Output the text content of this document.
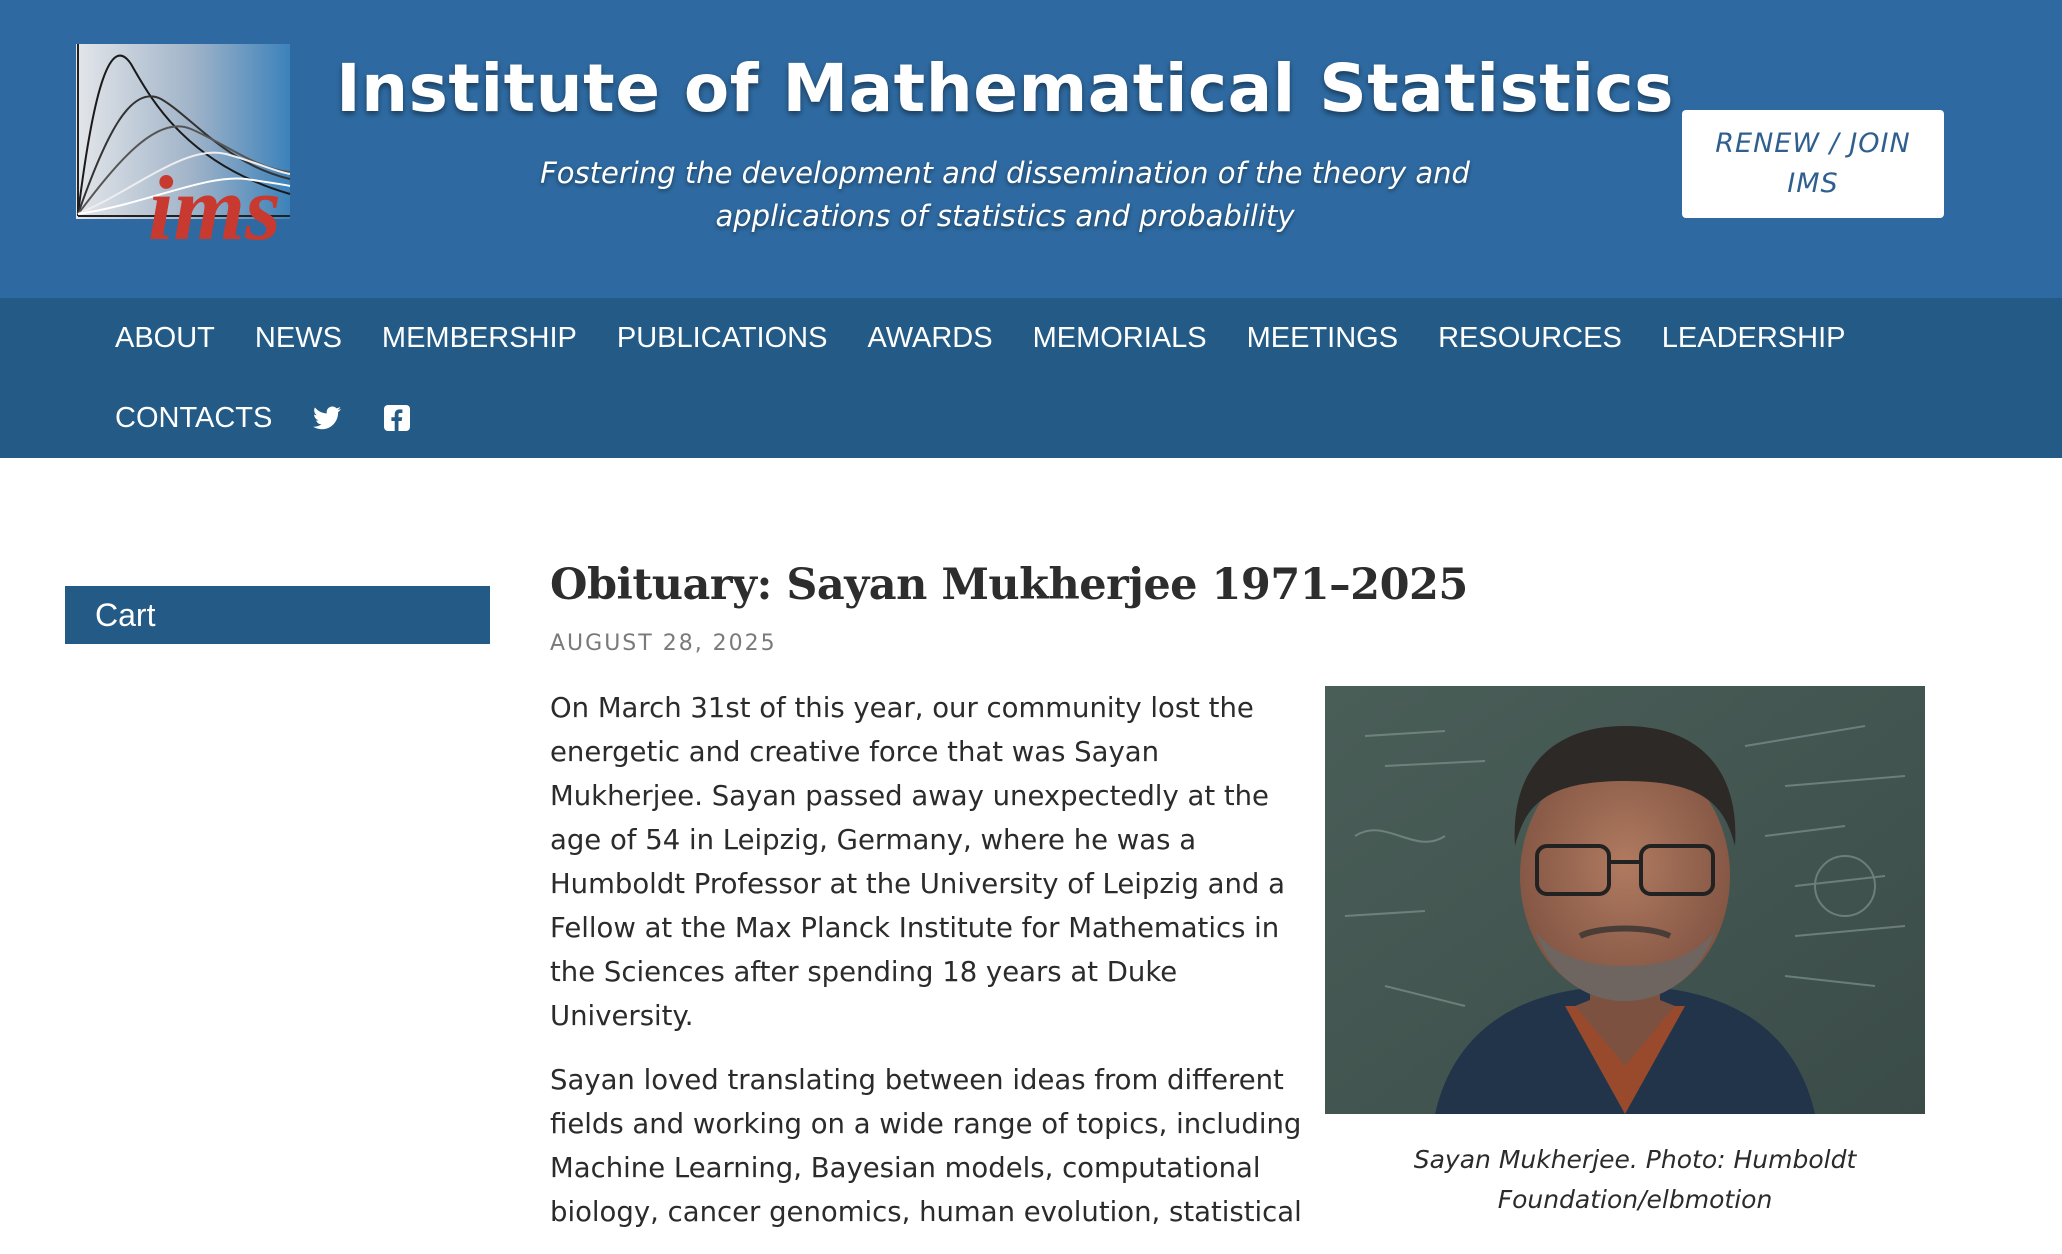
ims
Institute of Mathematical Statistics
Fostering the development and dissemination of the theory and
applications of statistics and probability
RENEW / JOIN
IMS
ABOUT NEWS MEMBERSHIP PUBLICATIONS AWARDS MEMORIALS MEETINGS RESOURCES LEADERSHIP
CONTACTS
Cart
Obituary: Sayan Mukherjee 1971–2025
AUGUST 28, 2025

On March 31st of this year, our community lost the energetic and creative force that was Sayan Mukherjee. Sayan passed away unexpectedly at the age of 54 in Leipzig, Germany, where he was a Humboldt Professor at the University of Leipzig and a Fellow at the Max Planck Institute for Mathematics in the Sciences after spending 18 years at Duke University.

Sayan loved translating between ideas from different fields and working on a wide range of topics, including Machine Learning, Bayesian models, computational biology, cancer genomics, human evolution, statistical

Sayan Mukherjee. Photo: Humboldt
Foundation/elbmotion
